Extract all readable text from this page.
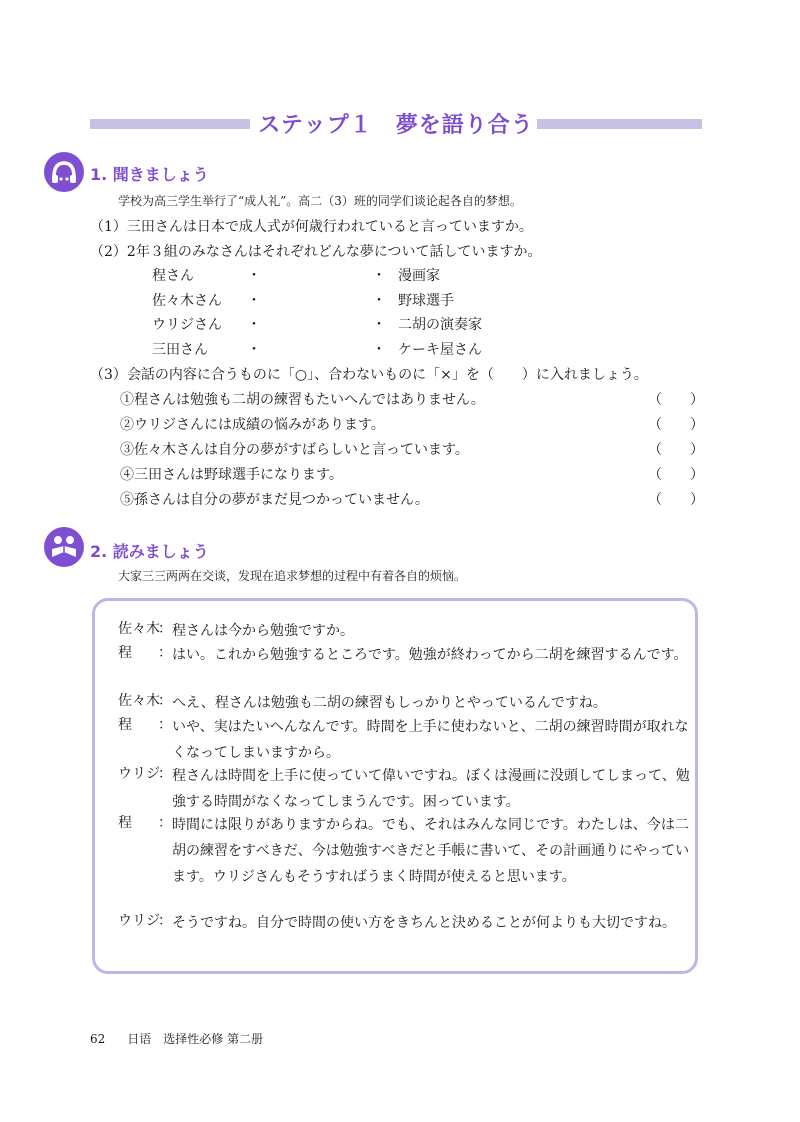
ステップ１　夢を語り合う
1. 聞きましょう
学校为高三学生举行了“成人礼”。高二（3）班的同学们谈论起各自的梦想。
（1）三田さんは日本で成人式が何歳行われていると言っていますか。
（2）2年３組のみなさんはそれぞれどんな夢について話していますか。
程さん	・	・ 漫画家
佐々木さん ・	・ 野球選手
ウリジさん ・	・ 二胡の演奏家
三田さん	・	・ ケーキ屋さん
（3）会話の内容に合うものに「○」、合わないものに「×」を（　　）に入れましょう。
①程さんは勉強も二胡の練習もたいへんではありません。	（　　）
②ウリジさんには成績の悩みがあります。	（　　）
③佐々木さんは自分の夢がすばらしいと言っています。	（　　）
④三田さんは野球選手になります。	（　　）
⑤孫さんは自分の夢がまだ見つかっていません。	（　　）
2. 読みましょう
大家三三两两在交谈，发现在追求梦想的过程中有着各自的烦恼。
佐々木：程さんは今から勉強ですか。
程 ：はい。これから勉強するところです。勉強が終わってから二胡を練習するんです。
佐々木：へえ、程さんは勉強も二胡の練習もしっかりとやっているんですね。
程 ：いや、実はたいへんなんです。時間を上手に使わないと、二胡の練習時間が取れなくなってしまいますから。
ウリジ：程さんは時間を上手に使っていて偉いですね。ぼくは漫画に没頭してしまって、勉強する時間がなくなってしまうんです。困っています。
程 ：時間には限りがありますからね。でも、それはみんな同じです。わたしは、今は二胡の練習をすべきだ、今は勉強すべきだと手帳に書いて、その計画通りにやっています。ウリジさんもそうすればうまく時間が使えると思います。
ウリジ：そうですね。自分で時間の使い方をきちんと決めることが何よりも大切ですね。
62 日语　选择性必修 第二册
